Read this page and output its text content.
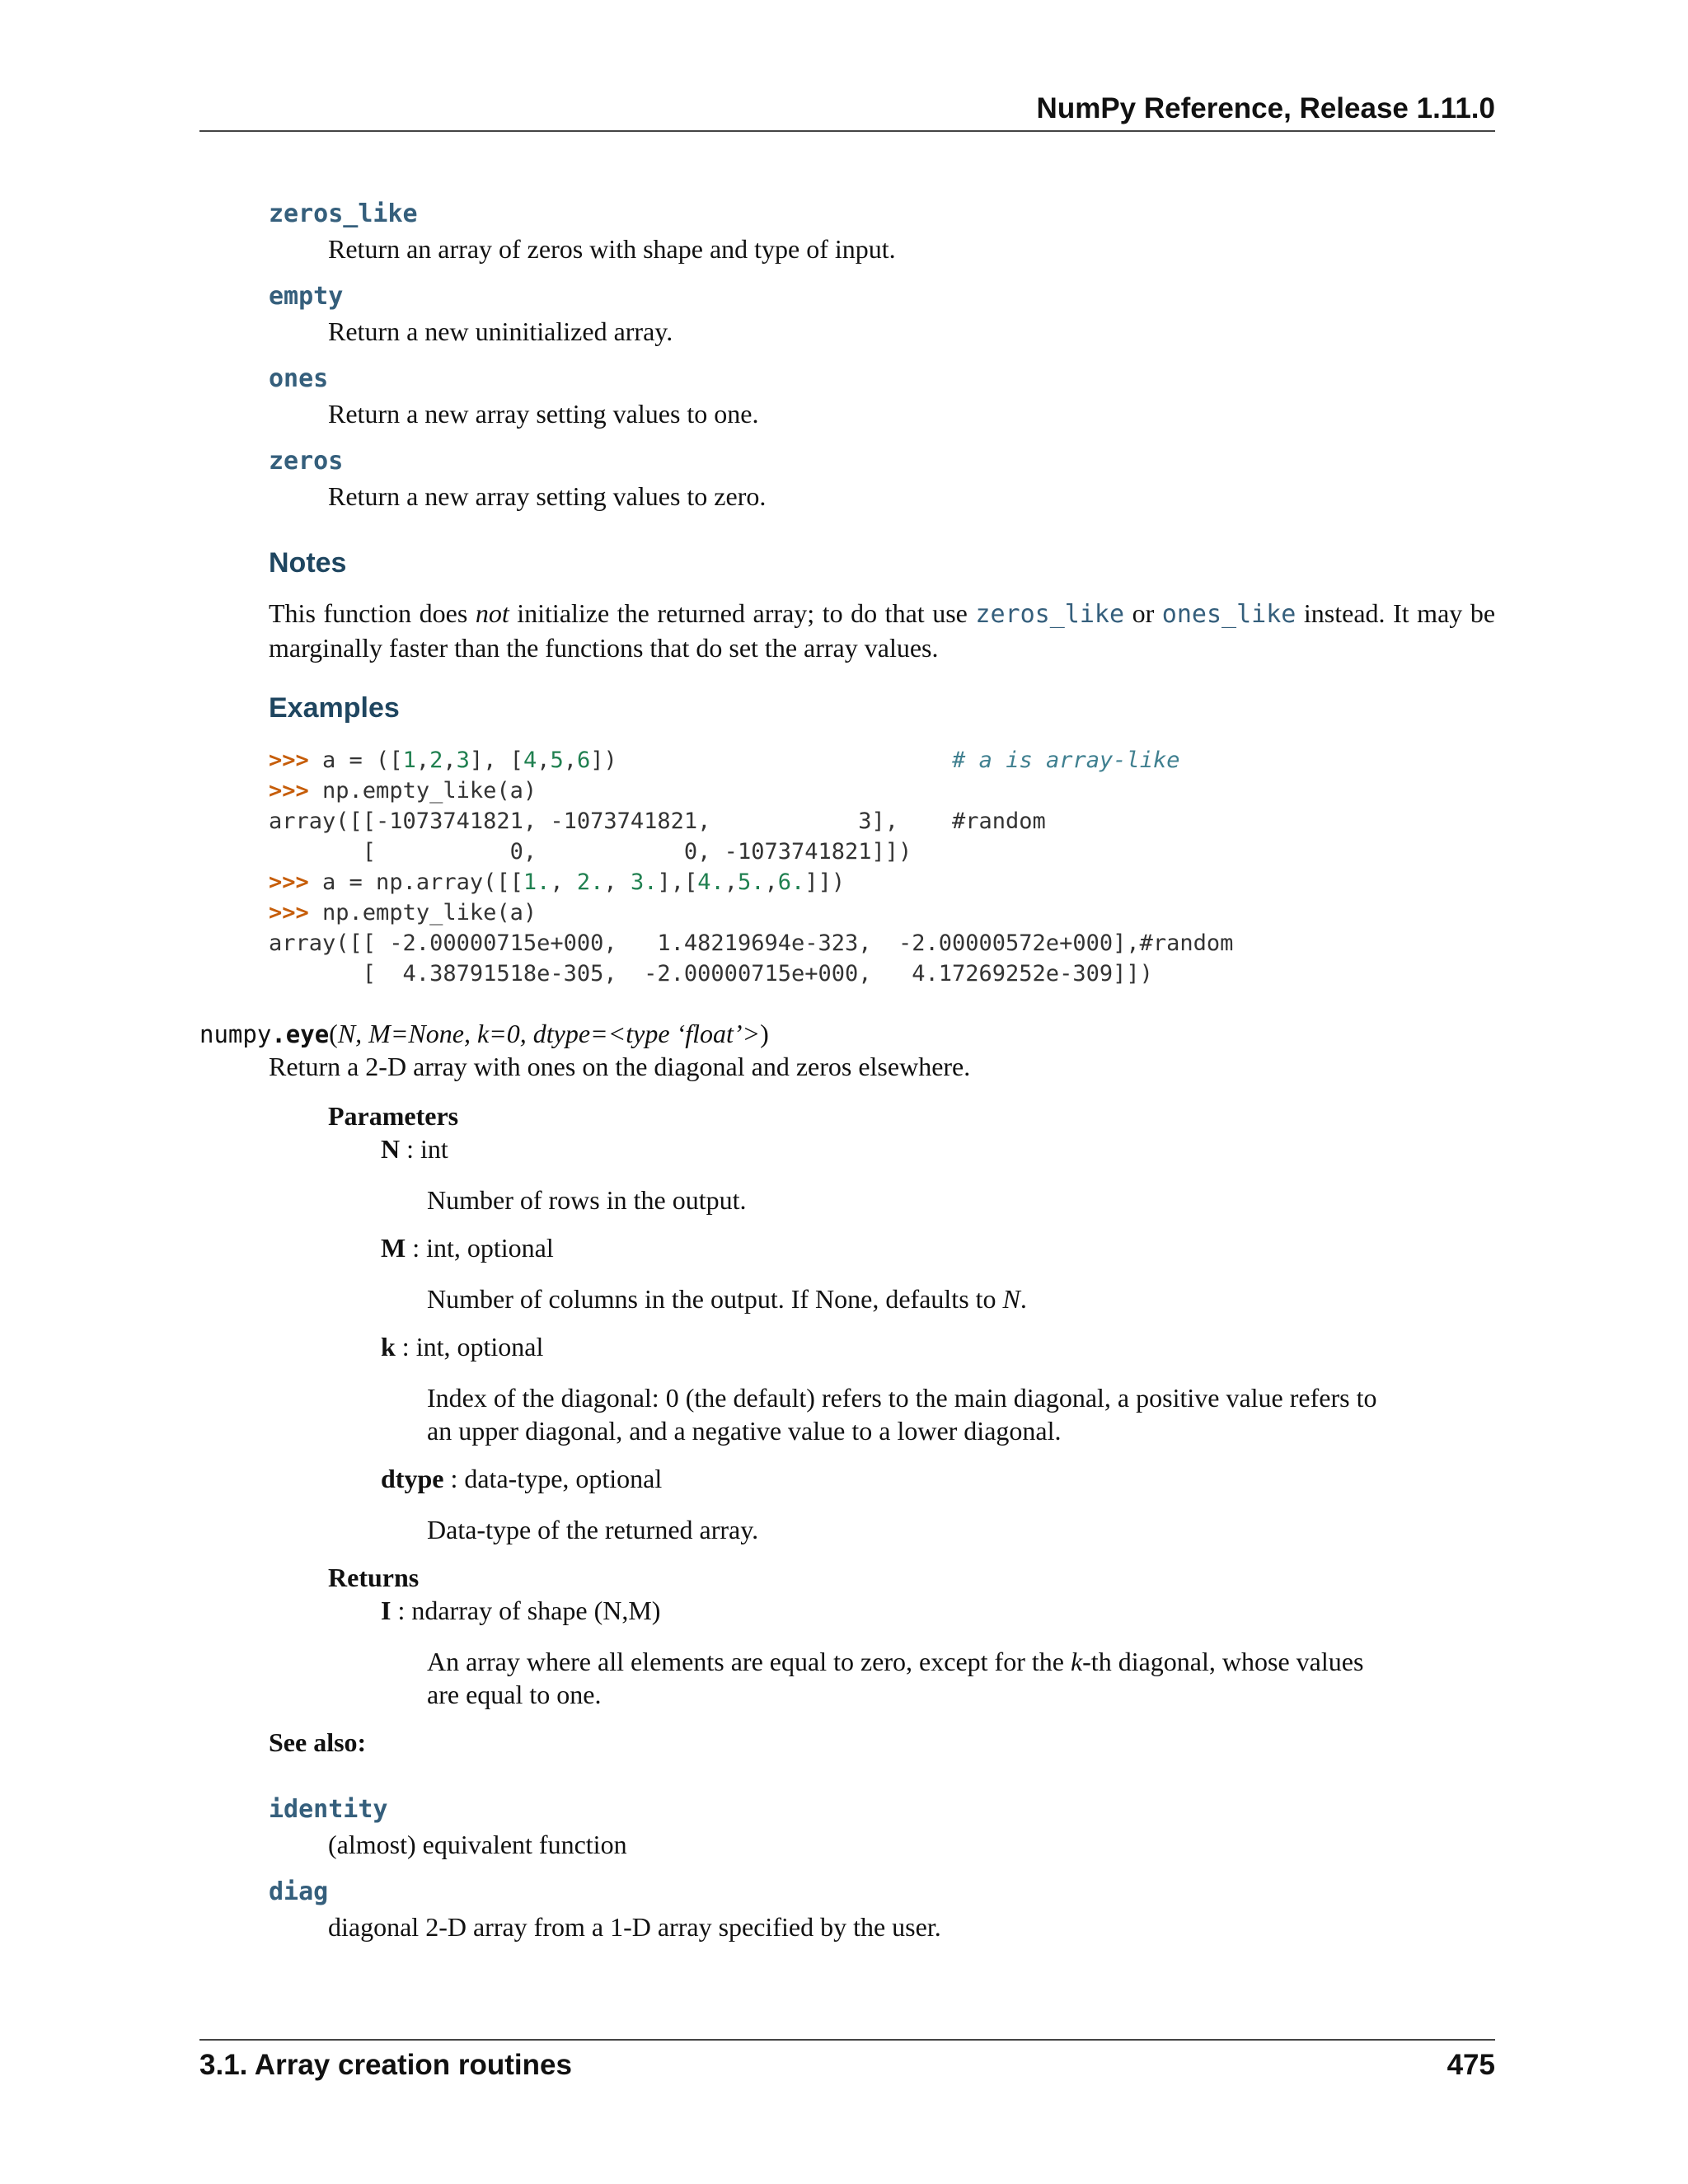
NumPy Reference, Release 1.11.0
zeros_like
Return an array of zeros with shape and type of input.
empty
Return a new uninitialized array.
ones
Return a new array setting values to one.
zeros
Return a new array setting values to zero.
Notes
This function does not initialize the returned array; to do that use zeros_like or ones_like instead. It may be marginally faster than the functions that do set the array values.
Examples
>>> a = ([1,2,3], [4,5,6])                         # a is array-like
>>> np.empty_like(a)
array([[-1073741821, -1073741821,           3],    #random
[          0,           0, -1073741821]])
>>> a = np.array([[1., 2., 3.],[4.,5.,6.]])
>>> np.empty_like(a)
array([[ -2.00000715e+000,   1.48219694e-323,  -2.00000572e+000],#random
[  4.38791518e-305,  -2.00000715e+000,   4.17269252e-309]])
numpy.eye(N, M=None, k=0, dtype=<type ‘float’>)
Return a 2-D array with ones on the diagonal and zeros elsewhere.
Parameters
N : int
Number of rows in the output.
M : int, optional
Number of columns in the output. If None, defaults to N.
k : int, optional
Index of the diagonal: 0 (the default) refers to the main diagonal, a positive value refers to an upper diagonal, and a negative value to a lower diagonal.
dtype : data-type, optional
Data-type of the returned array.
Returns
I : ndarray of shape (N,M)
An array where all elements are equal to zero, except for the k-th diagonal, whose values are equal to one.
See also:
identity
(almost) equivalent function
diag
diagonal 2-D array from a 1-D array specified by the user.
3.1. Array creation routines	475
